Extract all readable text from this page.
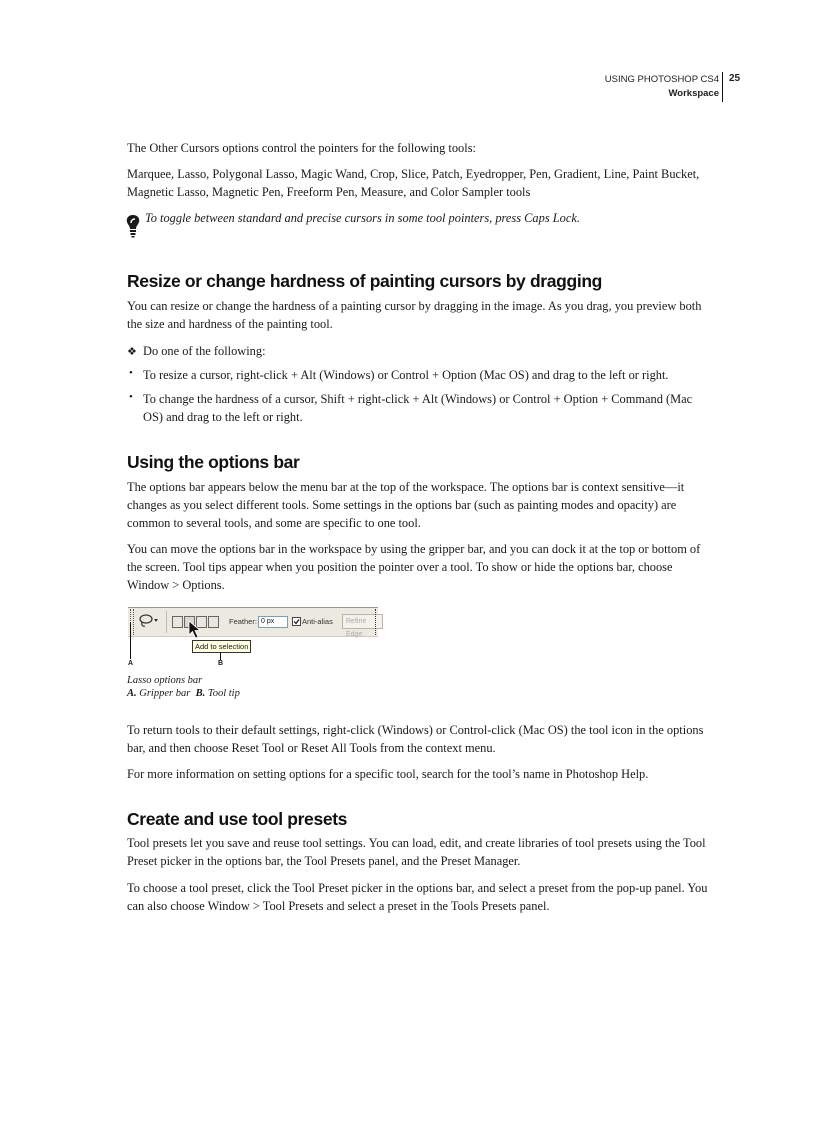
USING PHOTOSHOP CS4
Workspace
25

The Other Cursors options control the pointers for the following tools:

Marquee, Lasso, Polygonal Lasso, Magic Wand, Crop, Slice, Patch, Eyedropper, Pen, Gradient, Line, Paint Bucket,
Magnetic Lasso, Magnetic Pen, Freeform Pen, Measure, and Color Sampler tools
To toggle between standard and precise cursors in some tool pointers, press Caps Lock.
Resize or change hardness of painting cursors by dragging
You can resize or change the hardness of a painting cursor by dragging in the image. As you drag, you preview both
the size and hardness of the painting tool.
❖ Do one of the following:
• To resize a cursor, right-click + Alt (Windows) or Control + Option (Mac OS) and drag to the left or right.
• To change the hardness of a cursor, Shift + right-click + Alt (Windows) or Control + Option + Command (Mac
OS) and drag to the left or right.
Using the options bar
The options bar appears below the menu bar at the top of the workspace. The options bar is context sensitive—it
changes as you select different tools. Some settings in the options bar (such as painting modes and opacity) are
common to several tools, and some are specific to one tool.
You can move the options bar in the workspace by using the gripper bar, and you can dock it at the top or bottom of
the screen. Tool tips appear when you position the pointer over a tool. To show or hide the options bar, choose
Window > Options.
Feather: 0 px	Anti-alias	Refine Edge
Add to selection
A	B
Lasso options bar
A. Gripper bar B. Tool tip
To return tools to their default settings, right-click (Windows) or Control-click (Mac OS) the tool icon in the options
bar, and then choose Reset Tool or Reset All Tools from the context menu.

For more information on setting options for a specific tool, search for the tool’s name in Photoshop Help.

Create and use tool presets
Tool presets let you save and reuse tool settings. You can load, edit, and create libraries of tool presets using the Tool
Preset picker in the options bar, the Tool Presets panel, and the Preset Manager.
To choose a tool preset, click the Tool Preset picker in the options bar, and select a preset from the pop-up panel. You
can also choose Window > Tool Presets and select a preset in the Tools Presets panel.
